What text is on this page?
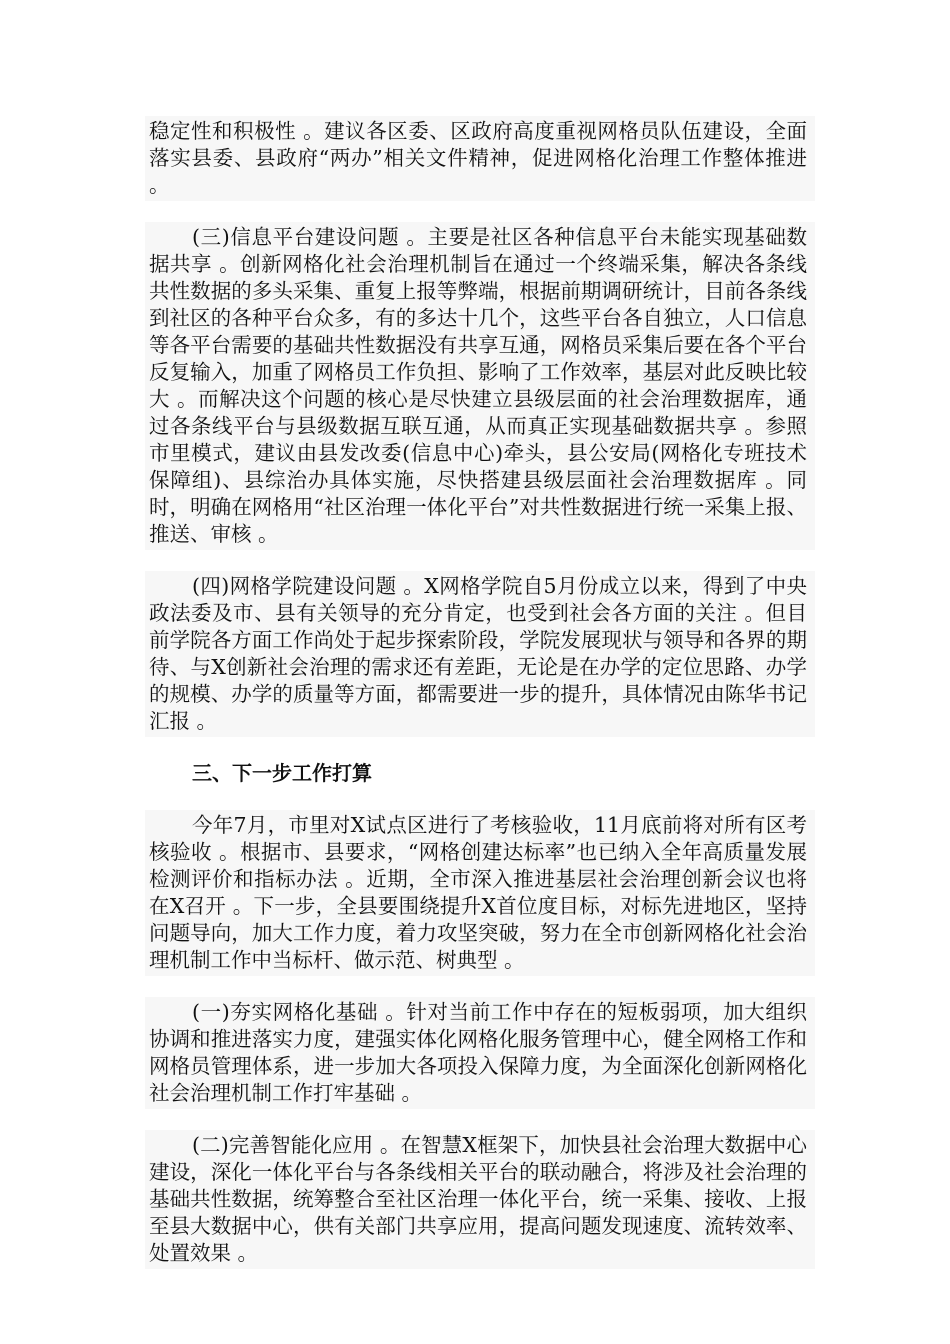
稳定性和积极性 。建议各区委、区政府高度重视网格员队伍建设，全面落实县委、县政府“两办”相关文件精神，促进网格化治理工作整体推进 。

(三)信息平台建设问题 。主要是社区各种信息平台未能实现基础数据共享 。创新网格化社会治理机制旨在通过一个终端采集，解决各条线共性数据的多头采集、重复上报等弊端，根据前期调研统计，目前各条线到社区的各种平台众多，有的多达十几个，这些平台各自独立，人口信息等各平台需要的基础共性数据没有共享互通，网格员采集后要在各个平台反复输入，加重了网格员工作负担、影响了工作效率，基层对此反映比较大 。而解决这个问题的核心是尽快建立县级层面的社会治理数据库，通过各条线平台与县级数据互联互通，从而真正实现基础数据共享 。参照市里模式，建议由县发改委(信息中心)牵头，县公安局(网格化专班技术保障组)、县综治办具体实施，尽快搭建县级层面社会治理数据库 。同时，明确在网格用“社区治理一体化平台”对共性数据进行统一采集上报、推送、审核 。

(四)网格学院建设问题 。X网格学院自5月份成立以来，得到了中央政法委及市、县有关领导的充分肯定，也受到社会各方面的关注 。但目前学院各方面工作尚处于起步探索阶段，学院发展现状与领导和各界的期待、与X创新社会治理的需求还有差距，无论是在办学的定位思路、办学的规模、办学的质量等方面，都需要进一步的提升，具体情况由陈华书记汇报 。

三、下一步工作打算

今年7月，市里对X试点区进行了考核验收，11月底前将对所有区考核验收 。根据市、县要求，“网格创建达标率”也已纳入全年高质量发展检测评价和指标办法 。近期，全市深入推进基层社会治理创新会议也将在X召开 。下一步，全县要围绕提升X首位度目标，对标先进地区，坚持问题导向，加大工作力度，着力攻坚突破，努力在全市创新网格化社会治理机制工作中当标杆、做示范、树典型 。

(一)夯实网格化基础 。针对当前工作中存在的短板弱项，加大组织协调和推进落实力度，建强实体化网格化服务管理中心，健全网格工作和网格员管理体系，进一步加大各项投入保障力度，为全面深化创新网格化社会治理机制工作打牢基础 。

(二)完善智能化应用 。在智慧X框架下，加快县社会治理大数据中心建设，深化一体化平台与各条线相关平台的联动融合，将涉及社会治理的基础共性数据，统筹整合至社区治理一体化平台，统一采集、接收、上报至县大数据中心，供有关部门共享应用，提高问题发现速度、流转效率、处置效果 。
